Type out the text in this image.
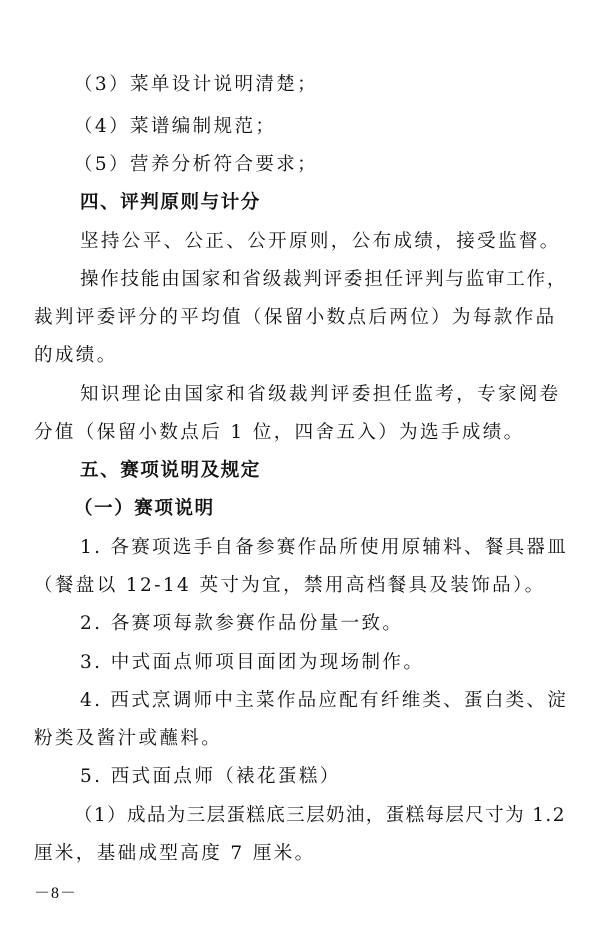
（3）菜单设计说明清楚；
（4）菜谱编制规范；
（5）营养分析符合要求；
四、评判原则与计分
坚持公平、公正、公开原则，公布成绩，接受监督。
操作技能由国家和省级裁判评委担任评判与监审工作，
裁判评委评分的平均值（保留小数点后两位）为每款作品
的成绩。
知识理论由国家和省级裁判评委担任监考，专家阅卷
分值（保留小数点后 1 位，四舍五入）为选手成绩。
五、赛项说明及规定
（一）赛项说明
1. 各赛项选手自备参赛作品所使用原辅料、餐具器皿
（餐盘以 12-14 英寸为宜，禁用高档餐具及装饰品）。
2. 各赛项每款参赛作品份量一致。
3. 中式面点师项目面团为现场制作。
4. 西式烹调师中主菜作品应配有纤维类、蛋白类、淀
粉类及酱汁或蘸料。
5. 西式面点师（裱花蛋糕）
（1）成品为三层蛋糕底三层奶油，蛋糕每层尺寸为 1.2
厘米，基础成型高度 7 厘米。
－8－
